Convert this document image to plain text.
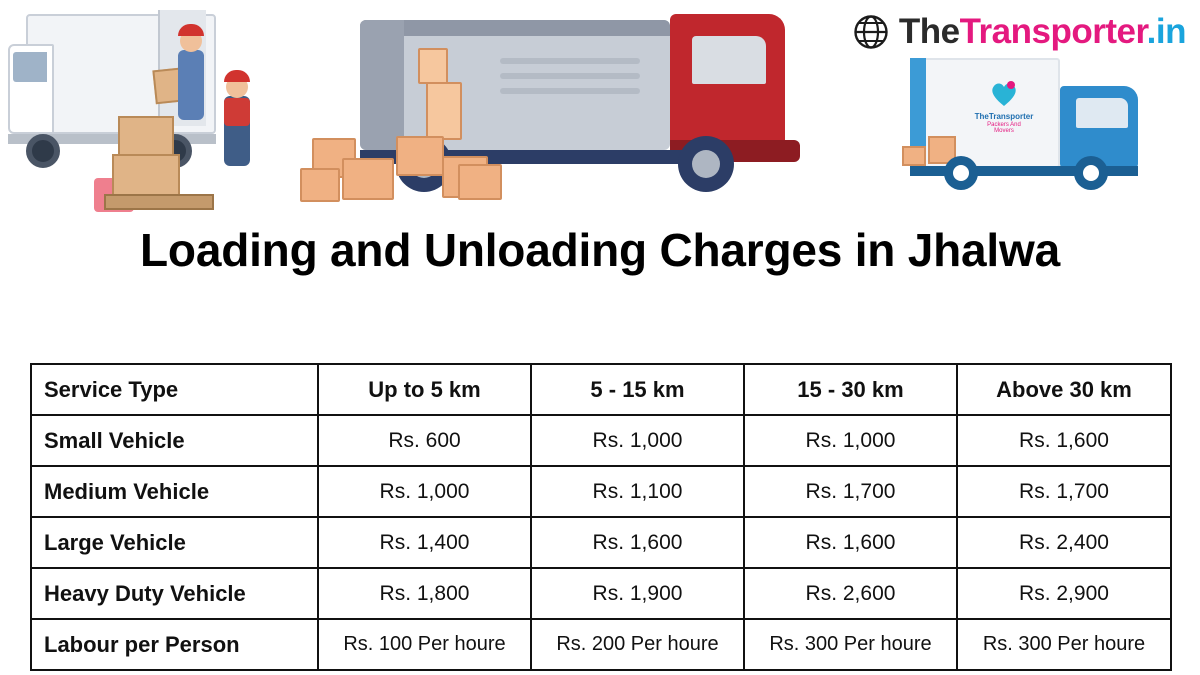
TheTransporter
Packers And
Movers
TheTransporter.in
Loading and Unloading Charges in Jhalwa
Service Type	Up to 5 km	5 - 15 km	15 - 30 km	Above 30 km
Small Vehicle	Rs. 600	Rs. 1,000	Rs. 1,000	Rs. 1,600
Medium Vehicle	Rs. 1,000	Rs. 1,100	Rs. 1,700	Rs. 1,700
Large Vehicle	Rs. 1,400	Rs. 1,600	Rs. 1,600	Rs. 2,400
Heavy Duty Vehicle	Rs. 1,800	Rs. 1,900	Rs. 2,600	Rs. 2,900
Labour per Person	Rs. 100 Per houre	Rs. 200 Per houre	Rs. 300 Per houre	Rs. 300 Per houre
